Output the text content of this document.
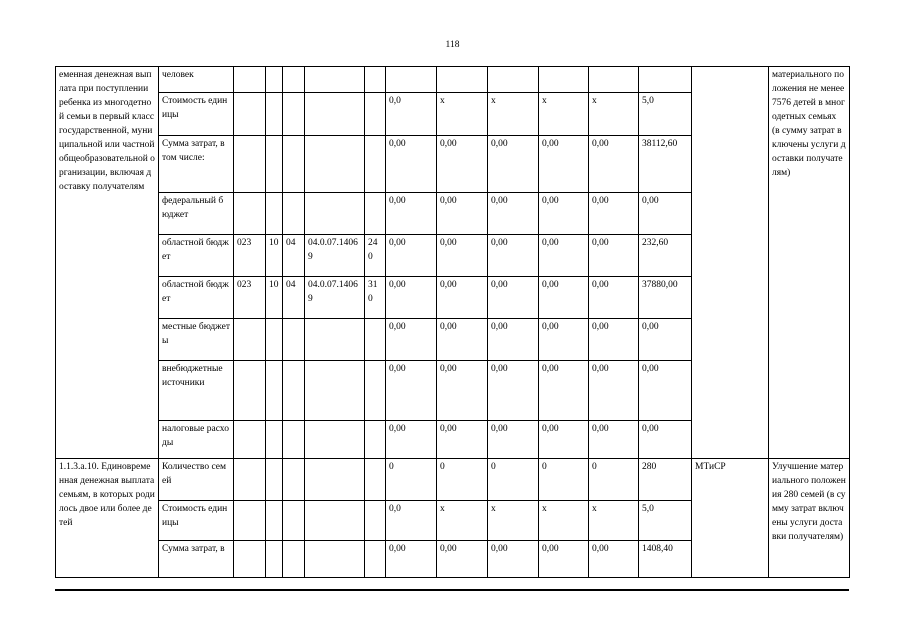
118
еменная денежная выплата при поступлении ребенка из многодетной семьи в первый класс государственной, муниципальной или частной общеобразовательной организации, включая доставку получателям	человек													материального положения не менее 7576 детей в многодетных семьях (в сумму затрат включены услуги доставки получателям)
	Стоимость единицы						0,0	х	х	х	х	5,0		
	Сумма затрат, в том числе:						0,00	0,00	0,00	0,00	0,00	38112,60		
	федеральный бюджет						0,00	0,00	0,00	0,00	0,00	0,00		
	областной бюджет	023	10	04	04.0.07.14069	240	0,00	0,00	0,00	0,00	0,00	232,60		
	областной бюджет	023	10	04	04.0.07.14069	310	0,00	0,00	0,00	0,00	0,00	37880,00		
	местные бюджеты						0,00	0,00	0,00	0,00	0,00	0,00		
	внебюджетные источники						0,00	0,00	0,00	0,00	0,00	0,00		
	налоговые расходы						0,00	0,00	0,00	0,00	0,00	0,00		
1.1.3.а.10. Единовременная денежная выплата семьям, в которых родилось двое или более детей	Количество семей						0	0	0	0	0	280	МТиСР	Улучшение материального положения 280 семей (в сумму затрат включены услуги доставки получателям)
	Стоимость единицы						0,0	х	х	х	х	5,0		
	Сумма затрат, в						0,00	0,00	0,00	0,00	0,00	1408,40		
